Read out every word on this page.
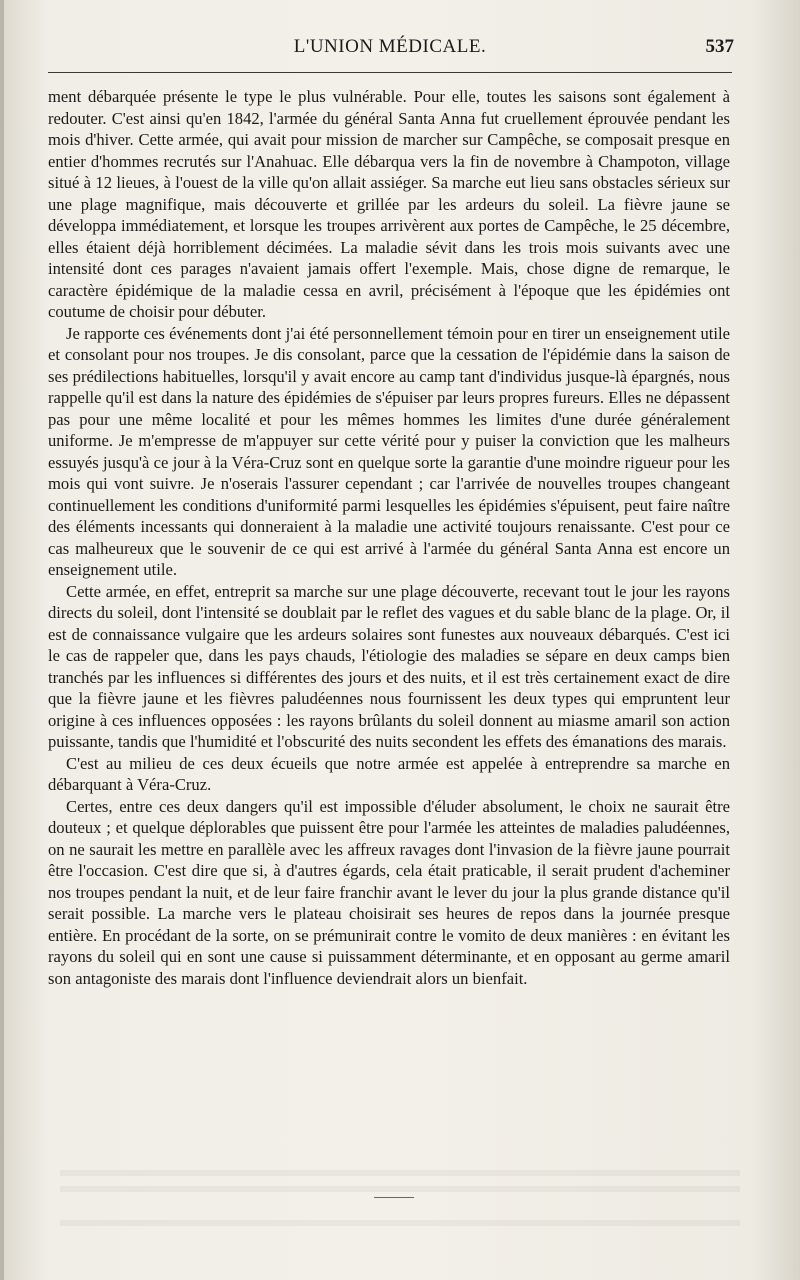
L'UNION MÉDICALE.	537

ment débarquée présente le type le plus vulnérable. Pour elle, toutes les saisons sont également à redouter. C'est ainsi qu'en 1842, l'armée du général Santa Anna fut cruellement éprouvée pendant les mois d'hiver. Cette armée, qui avait pour mission de marcher sur Campêche, se composait presque en entier d'hommes recrutés sur l'Anahuac. Elle débarqua vers la fin de novembre à Champoton, village situé à 12 lieues, à l'ouest de la ville qu'on allait assiéger. Sa marche eut lieu sans obstacles sérieux sur une plage magnifique, mais découverte et grillée par les ardeurs du soleil. La fièvre jaune se développa immédiatement, et lorsque les troupes arrivèrent aux portes de Campêche, le 25 décembre, elles étaient déjà horriblement décimées. La maladie sévit dans les trois mois suivants avec une intensité dont ces parages n'avaient jamais offert l'exemple. Mais, chose digne de remarque, le caractère épidémique de la maladie cessa en avril, précisément à l'époque que les épidémies ont coutume de choisir pour débuter.

Je rapporte ces événements dont j'ai été personnellement témoin pour en tirer un enseignement utile et consolant pour nos troupes. Je dis consolant, parce que la cessation de l'épidémie dans la saison de ses prédilections habituelles, lorsqu'il y avait encore au camp tant d'individus jusque-là épargnés, nous rappelle qu'il est dans la nature des épidémies de s'épuiser par leurs propres fureurs. Elles ne dépassent pas pour une même localité et pour les mêmes hommes les limites d'une durée généralement uniforme. Je m'empresse de m'appuyer sur cette vérité pour y puiser la conviction que les malheurs essuyés jusqu'à ce jour à la Véra-Cruz sont en quelque sorte la garantie d'une moindre rigueur pour les mois qui vont suivre. Je n'oserais l'assurer cependant ; car l'arrivée de nouvelles troupes changeant continuellement les conditions d'uniformité parmi lesquelles les épidémies s'épuisent, peut faire naître des éléments incessants qui donneraient à la maladie une activité toujours renaissante. C'est pour ce cas malheureux que le souvenir de ce qui est arrivé à l'armée du général Santa Anna est encore un enseignement utile.

Cette armée, en effet, entreprit sa marche sur une plage découverte, recevant tout le jour les rayons directs du soleil, dont l'intensité se doublait par le reflet des vagues et du sable blanc de la plage. Or, il est de connaissance vulgaire que les ardeurs solaires sont funestes aux nouveaux débarqués. C'est ici le cas de rappeler que, dans les pays chauds, l'étiologie des maladies se sépare en deux camps bien tranchés par les influences si différentes des jours et des nuits, et il est très certainement exact de dire que la fièvre jaune et les fièvres paludéennes nous fournissent les deux types qui empruntent leur origine à ces influences opposées : les rayons brûlants du soleil donnent au miasme amaril son action puissante, tandis que l'humidité et l'obscurité des nuits secondent les effets des émanations des marais.

C'est au milieu de ces deux écueils que notre armée est appelée à entreprendre sa marche en débarquant à Véra-Cruz.

Certes, entre ces deux dangers qu'il est impossible d'éluder absolument, le choix ne saurait être douteux ; et quelque déplorables que puissent être pour l'armée les atteintes de maladies paludéennes, on ne saurait les mettre en parallèle avec les affreux ravages dont l'invasion de la fièvre jaune pourrait être l'occasion. C'est dire que si, à d'autres égards, cela était praticable, il serait prudent d'acheminer nos troupes pendant la nuit, et de leur faire franchir avant le lever du jour la plus grande distance qu'il serait possible. La marche vers le plateau choisirait ses heures de repos dans la journée presque entière. En procédant de la sorte, on se prémunirait contre le vomito de deux manières : en évitant les rayons du soleil qui en sont une cause si puissamment déterminante, et en opposant au germe amaril son antagoniste des marais dont l'influence deviendrait alors un bienfait.
